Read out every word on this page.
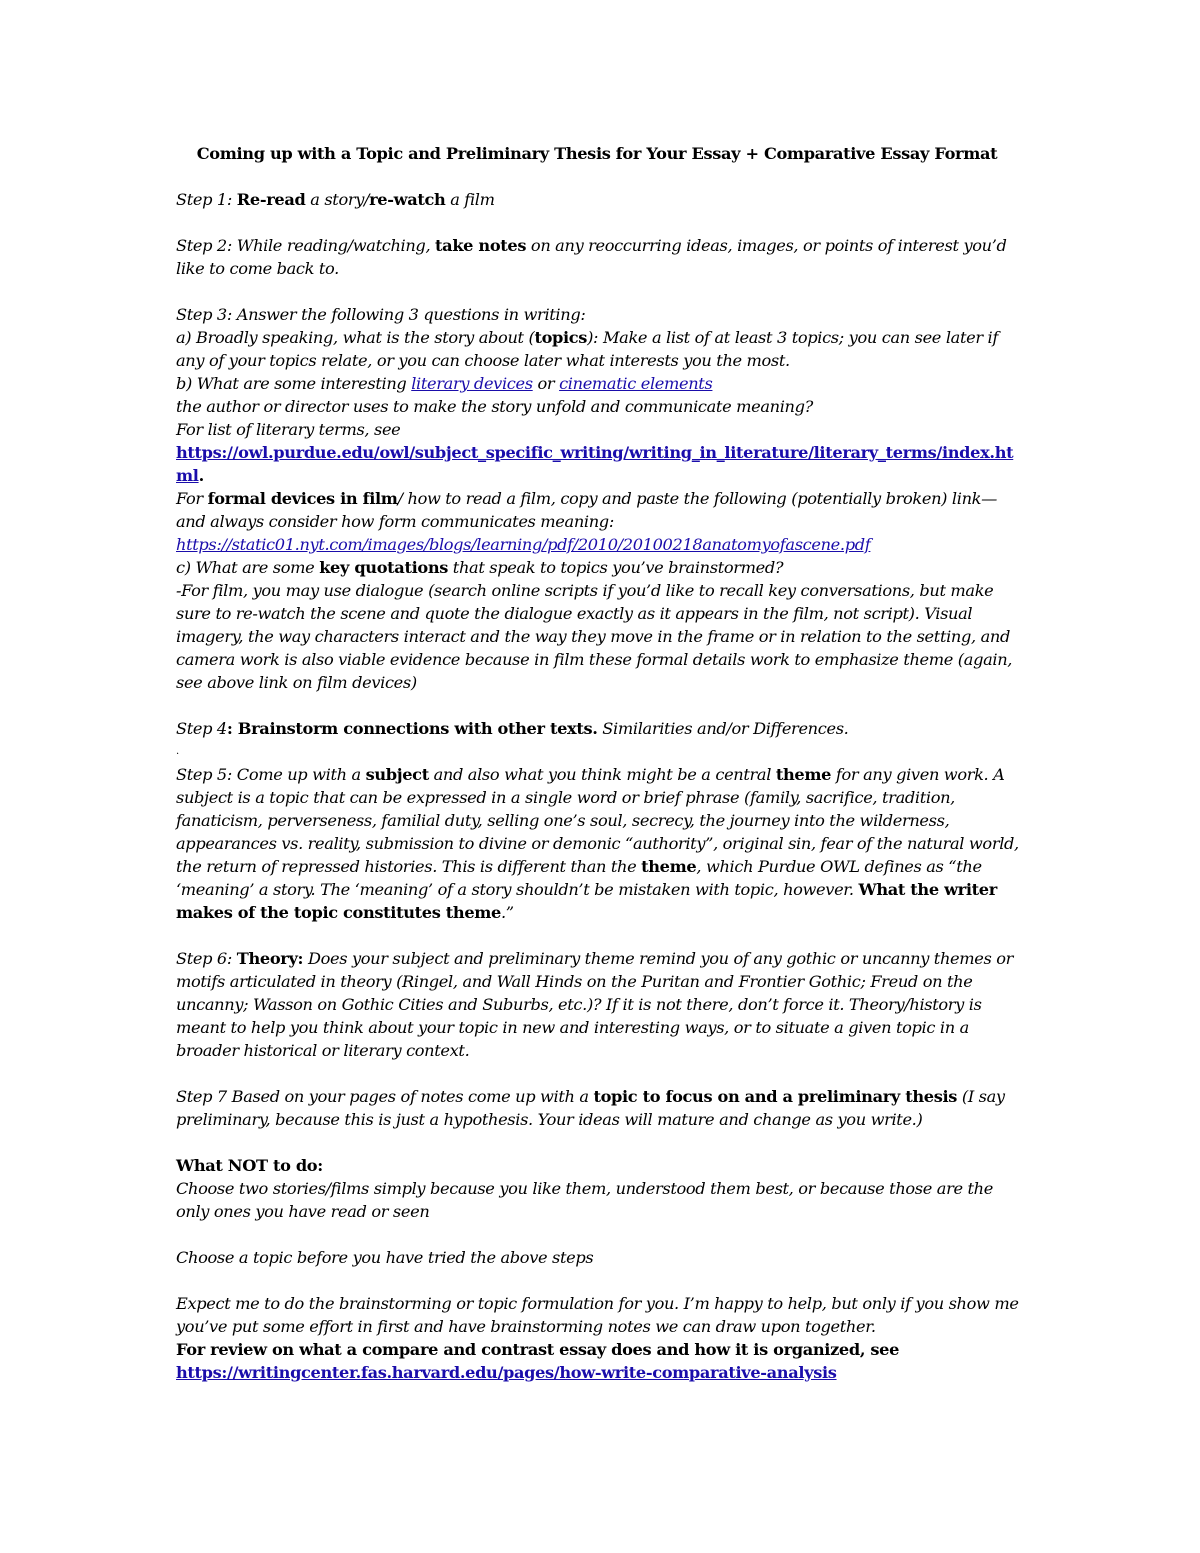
Coming up with a Topic and Preliminary Thesis for Your Essay + Comparative Essay Format

Step 1: Re-read a story/re-watch a film

Step 2: While reading/watching, take notes on any reoccurring ideas, images, or points of interest you’d like to come back to.

Step 3: Answer the following 3 questions in writing:

a) Broadly speaking, what is the story about (topics): Make a list of at least 3 topics; you can see later if any of your topics relate, or you can choose later what interests you the most.

b) What are some interesting literary devices or cinematic elements

the author or director uses to make the story unfold and communicate meaning?

For list of literary terms, see

https://owl.purdue.edu/owl/subject_specific_writing/writing_in_literature/literary_terms/index.html.

For formal devices in film/ how to read a film, copy and paste the following (potentially broken) link—and always consider how form communicates meaning:

https://static01.nyt.com/images/blogs/learning/pdf/2010/20100218anatomyofascene.pdf

c) What are some key quotations that speak to topics you’ve brainstormed?

-For film, you may use dialogue (search online scripts if you’d like to recall key conversations, but make sure to re-watch the scene and quote the dialogue exactly as it appears in the film, not script). Visual imagery, the way characters interact and the way they move in the frame or in relation to the setting, and camera work is also viable evidence because in film these formal details work to emphasize theme (again, see above link on film devices)

Step 4: Brainstorm connections with other texts. Similarities and/or Differences.

.

Step 5: Come up with a subject and also what you think might be a central theme for any given work. A subject is a topic that can be expressed in a single word or brief phrase (family, sacrifice, tradition, fanaticism, perverseness, familial duty, selling one’s soul, secrecy, the journey into the wilderness, appearances vs. reality, submission to divine or demonic “authority”, original sin, fear of the natural world, the return of repressed histories. This is different than the theme, which Purdue OWL defines as “the ‘meaning’ a story. The ‘meaning’ of a story shouldn’t be mistaken with topic, however. What the writer makes of the topic constitutes theme.”

Step 6: Theory: Does your subject and preliminary theme remind you of any gothic or uncanny themes or motifs articulated in theory (Ringel, and Wall Hinds on the Puritan and Frontier Gothic; Freud on the uncanny; Wasson on Gothic Cities and Suburbs, etc.)? If it is not there, don’t force it. Theory/history is meant to help you think about your topic in new and interesting ways, or to situate a given topic in a broader historical or literary context.

Step 7 Based on your pages of notes come up with a topic to focus on and a preliminary thesis (I say preliminary, because this is just a hypothesis. Your ideas will mature and change as you write.)

What NOT to do:

Choose two stories/films simply because you like them, understood them best, or because those are the only ones you have read or seen

Choose a topic before you have tried the above steps

Expect me to do the brainstorming or topic formulation for you. I’m happy to help, but only if you show me you’ve put some effort in first and have brainstorming notes we can draw upon together.

For review on what a compare and contrast essay does and how it is organized, see

https://writingcenter.fas.harvard.edu/pages/how-write-comparative-analysis
